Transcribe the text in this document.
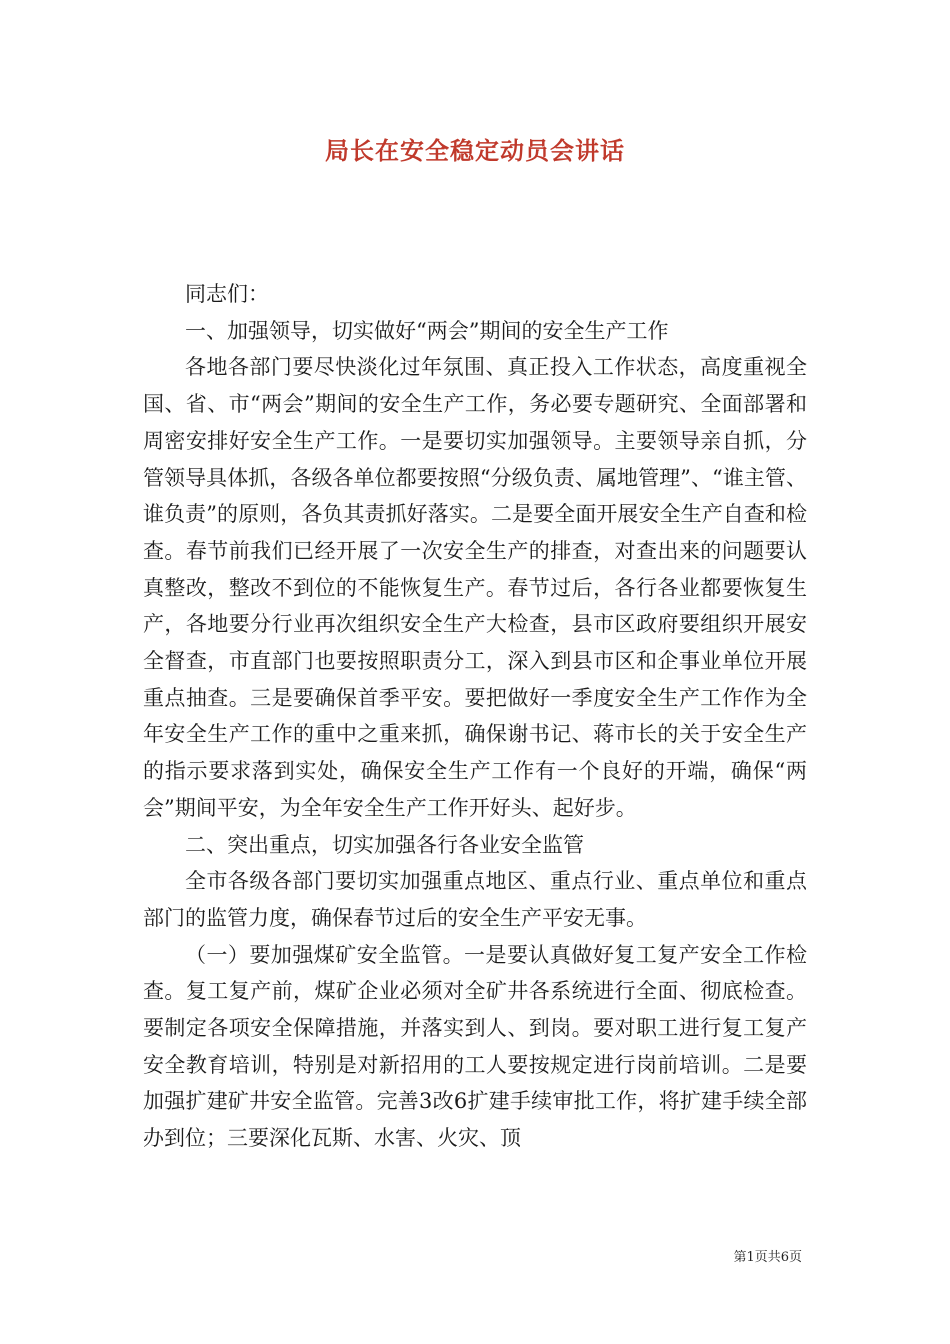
局长在安全稳定动员会讲话

同志们：

一、加强领导，切实做好“两会”期间的安全生产工作

各地各部门要尽快淡化过年氛围、真正投入工作状态，高度重视全国、省、市“两会”期间的安全生产工作，务必要专题研究、全面部署和周密安排好安全生产工作。一是要切实加强领导。主要领导亲自抓，分管领导具体抓，各级各单位都要按照“分级负责、属地管理”、“谁主管、谁负责”的原则，各负其责抓好落实。二是要全面开展安全生产自查和检查。春节前我们已经开展了一次安全生产的排查，对查出来的问题要认真整改，整改不到位的不能恢复生产。春节过后，各行各业都要恢复生产，各地要分行业再次组织安全生产大检查，县市区政府要组织开展安全督查，市直部门也要按照职责分工，深入到县市区和企事业单位开展重点抽查。三是要确保首季平安。要把做好一季度安全生产工作作为全年安全生产工作的重中之重来抓，确保谢书记、蒋市长的关于安全生产的指示要求落到实处，确保安全生产工作有一个良好的开端，确保“两会”期间平安，为全年安全生产工作开好头、起好步。

二、突出重点，切实加强各行各业安全监管

全市各级各部门要切实加强重点地区、重点行业、重点单位和重点部门的监管力度，确保春节过后的安全生产平安无事。

（一）要加强煤矿安全监管。一是要认真做好复工复产安全工作检查。复工复产前，煤矿企业必须对全矿井各系统进行全面、彻底检查。要制定各项安全保障措施，并落实到人、到岗。要对职工进行复工复产安全教育培训，特别是对新招用的工人要按规定进行岗前培训。二是要加强扩建矿井安全监管。完善3改6扩建手续审批工作，将扩建手续全部办到位；三要深化瓦斯、水害、火灾、顶

第1页共6页
